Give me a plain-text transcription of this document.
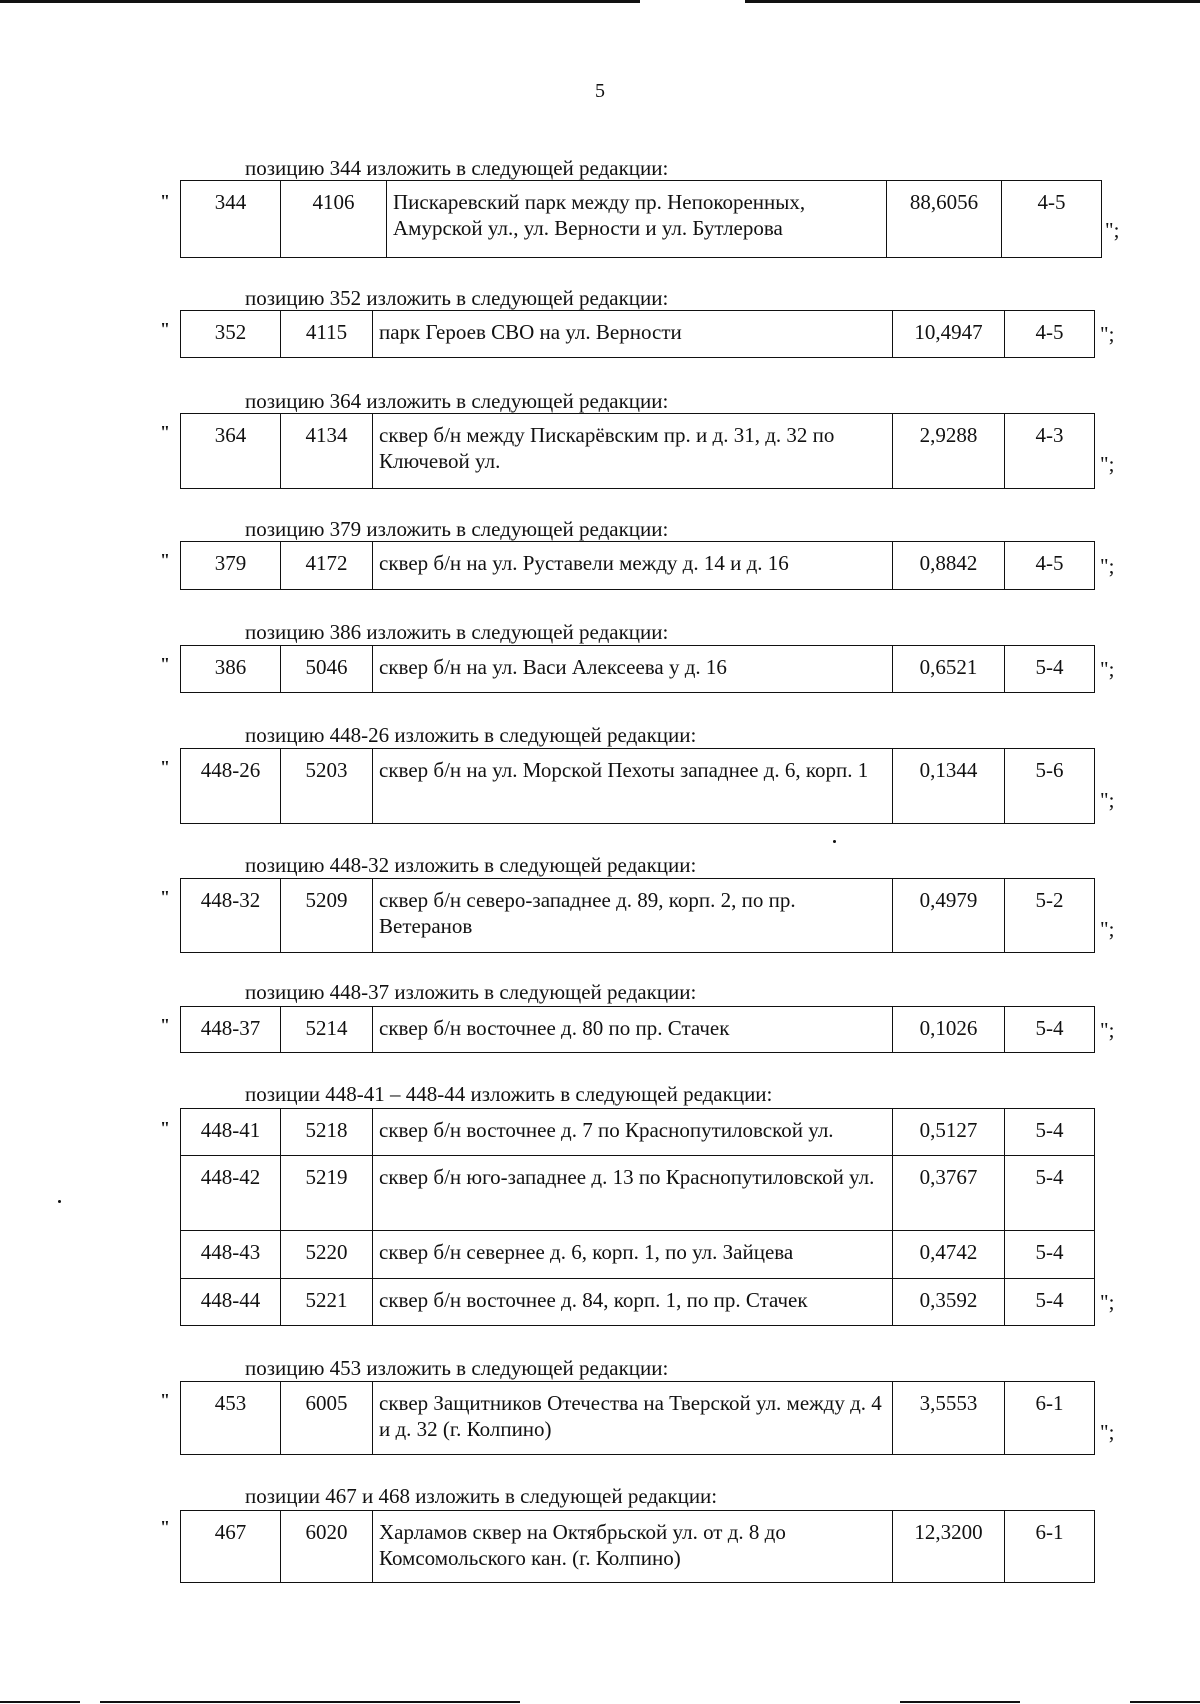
5
позицию 344 изложить в следующей редакции:
" 344	4106	Пискаревский парк между пр. Непокоренных, Амурской ул., ул. Верности и ул. Бутлерова	88,6056	4-5
";
позицию 352 изложить в следующей редакции:
" 352	4115	парк Героев СВО на ул. Верности	10,4947	4-5 ";
позицию 364 изложить в следующей редакции:
" 364	4134	сквер б/н между Пискарёвским пр. и д. 31, д. 32 по Ключевой ул.	2,9288	4-3
";
позицию 379 изложить в следующей редакции:
" 379	4172	сквер б/н на ул. Руставели между д. 14 и д. 16	0,8842	4-5 ";
позицию 386 изложить в следующей редакции:
" 386	5046	сквер б/н на ул. Васи Алексеева у д. 16	0,6521	5-4 ";
позицию 448-26 изложить в следующей редакции:
" 448-26	5203	сквер б/н на ул. Морской Пехоты западнее д. 6, корп. 1	0,1344	5-6
";
позицию 448-32 изложить в следующей редакции:
" 448-32	5209	сквер б/н северо-западнее д. 89, корп. 2, по пр. Ветеранов	0,4979	5-2
";
позицию 448-37 изложить в следующей редакции:
" 448-37	5214	сквер б/н восточнее д. 80 по пр. Стачек	0,1026	5-4 ";
позиции 448-41 – 448-44 изложить в следующей редакции:
" 448-41	5218	сквер б/н восточнее д. 7 по Краснопутиловской ул.	0,5127	5-4
448-42	5219	сквер б/н юго-западнее д. 13 по Краснопутиловской ул.	0,3767	5-4
448-43	5220	сквер б/н севернее д. 6, корп. 1, по ул. Зайцева	0,4742	5-4
448-44	5221	сквер б/н восточнее д. 84, корп. 1, по пр. Стачек	0,3592	5-4 ";
позицию 453 изложить в следующей редакции:
" 453	6005	сквер Защитников Отечества на Тверской ул. между д. 4 и д. 32 (г. Колпино)	3,5553	6-1
";
позиции 467 и 468 изложить в следующей редакции:
" 467	6020	Харламов сквер на Октябрьской ул. от д. 8 до Комсомольского кан. (г. Колпино)	12,3200	6-1
